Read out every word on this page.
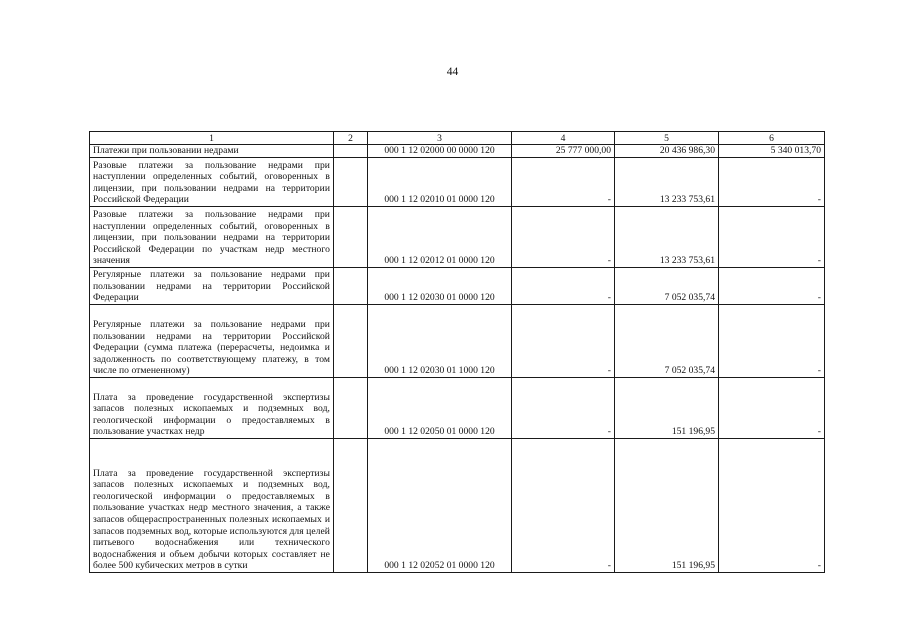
44
1	2	3	4	5	6
Платежи при пользовании недрами		000 1 12 02000 00 0000 120	25 777 000,00	20 436 986,30	5 340 013,70
Разовые платежи за пользование недрами при наступлении определенных событий, оговоренных в лицензии, при пользовании недрами на территории Российской Федерации		000 1 12 02010 01 0000 120	-	13 233 753,61	-
Разовые платежи за пользование недрами при наступлении определенных событий, оговоренных в лицензии, при пользовании недрами на территории Российской Федерации по участкам недр местного значения		000 1 12 02012 01 0000 120	-	13 233 753,61	-
Регулярные платежи за пользование недрами при пользовании недрами на территории Российской Федерации		000 1 12 02030 01 0000 120	-	7 052 035,74	-
Регулярные платежи за пользование недрами при пользовании недрами на территории Российской Федерации (сумма платежа (перерасчеты, недоимка и задолженность по соответствующему платежу, в том числе по отмененному)		000 1 12 02030 01 1000 120	-	7 052 035,74	-
Плата за проведение государственной экспертизы запасов полезных ископаемых и подземных вод, геологической информации о предоставляемых в пользование участках недр		000 1 12 02050 01 0000 120	-	151 196,95	-
Плата за проведение государственной экспертизы запасов полезных ископаемых и подземных вод, геологической информации о предоставляемых в пользование участках недр местного значения, а также запасов общераспространенных полезных ископаемых и запасов подземных вод, которые используются для целей питьевого водоснабжения или технического водоснабжения и объем добычи которых составляет не более 500 кубических метров в сутки		000 1 12 02052 01 0000 120	-	151 196,95	-
